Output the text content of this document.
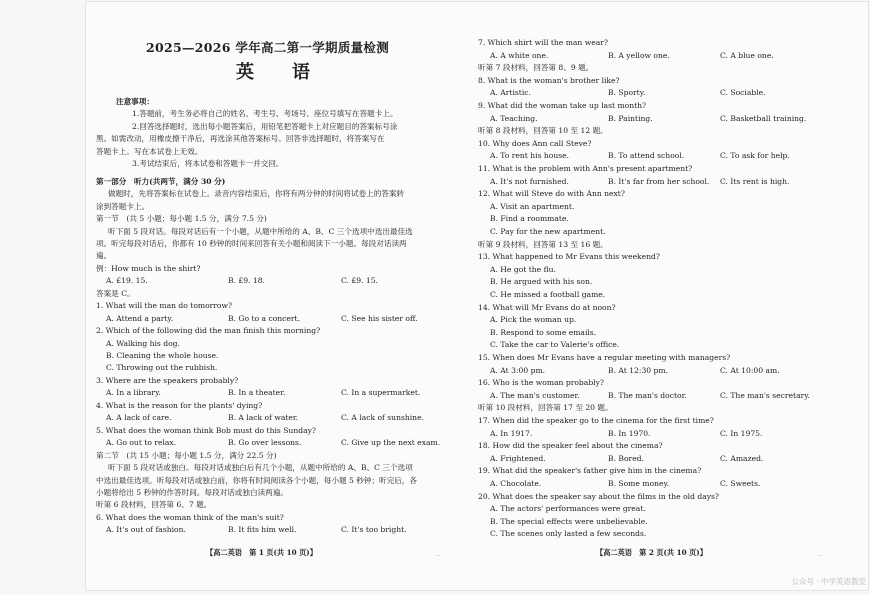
2025—2026 学年高二第一学期质量检测
英　语
注意事项：
1.答题前，考生务必将自己的姓名、考生号、考场号、座位号填写在答题卡上。
2.回答选择题时，选出每小题答案后，用铅笔把答题卡上对应题目的答案标号涂
黑。如需改动，用橡皮擦干净后，再选涂其他答案标号。回答非选择题时，将答案写在
答题卡上。写在本试卷上无效。
3.考试结束后，将本试卷和答题卡一并交回。
第一部分　听力(共两节，满分 30 分)
做题时，先将答案标在试卷上。录音内容结束后，你将有两分钟的时间将试卷上的答案转
涂到答题卡上。
第一节　(共 5 小题；每小题 1.5 分，满分 7.5 分)
听下面 5 段对话。每段对话后有一个小题，从题中所给的 A、B、C 三个选项中选出最佳选
项。听完每段对话后，你都有 10 秒钟的时间来回答有关小题和阅读下一小题。每段对话读两
遍。
例：How much is the shirt?
A. £19. 15.	B. £9. 18.	C. £9. 15.
答案是 C。
1. What will the man do tomorrow?
A. Attend a party.	B. Go to a concert.	C. See his sister off.
2. Which of the following did the man finish this morning?
A. Walking his dog.
B. Cleaning the whole house.
C. Throwing out the rubbish.
3. Where are the speakers probably?
A. In a library.	B. In a theater.	C. In a supermarket.
4. What is the reason for the plants' dying?
A. A lack of care.	B. A lack of water.	C. A lack of sunshine.
5. What does the woman think Bob must do this Sunday?
A. Go out to relax.	B. Go over lessons.	C. Give up the next exam.
第二节　(共 15 小题；每小题 1.5 分，满分 22.5 分)
听下面 5 段对话或独白。每段对话或独白后有几个小题，从题中所给的 A、B、C 三个选项
中选出最佳选项。听每段对话或独白前，你将有时间阅读各个小题，每小题 5 秒钟；听完后，各
小题将给出 5 秒钟的作答时间。每段对话或独白读两遍。
听第 6 段材料，回答第 6、7 题。
6. What does the woman think of the man's suit?
A. It's out of fashion.	B. It fits him well.	C. It's too bright.
【高二英语　第 1 页(共 10 页)】	..
7. Which shirt will the man wear?
A. A white one.	B. A yellow one.	C. A blue one.
听第 7 段材料，回答第 8、9 题。
8. What is the woman's brother like?
A. Artistic.	B. Sporty.	C. Sociable.
9. What did the woman take up last month?
A. Teaching.	B. Painting.	C. Basketball training.
听第 8 段材料，回答第 10 至 12 题。
10. Why does Ann call Steve?
A. To rent his house.	B. To attend school.	C. To ask for help.
11. What is the problem with Ann's present apartment?
A. It's not furnished.	B. It's far from her school. C. Its rent is high.
12. What will Steve do with Ann next?
A. Visit an apartment.
B. Find a roommate.
C. Pay for the new apartment.
听第 9 段材料，回答第 13 至 16 题。
13. What happened to Mr Evans this weekend?
A. He got the flu.
B. He argued with his son.
C. He missed a football game.
14. What will Mr Evans do at noon?
A. Pick the woman up.
B. Respond to some emails.
C. Take the car to Valerie's office.
15. When does Mr Evans have a regular meeting with managers?
A. At 3:00 pm.	B. At 12:30 pm.	C. At 10:00 am.
16. Who is the woman probably?
A. The man's customer.	B. The man's doctor.	C. The man's secretary.
听第 10 段材料，回答第 17 至 20 题。
17. When did the speaker go to the cinema for the first time?
A. In 1917.	B. In 1970.	C. In 1975.
18. How did the speaker feel about the cinema?
A. Frightened.	B. Bored.	C. Amazed.
19. What did the speaker's father give him in the cinema?
A. Chocolate.	B. Some money.	C. Sweets.
20. What does the speaker say about the films in the old days?
A. The actors' performances were great.
B. The special effects were unbelievable.
C. The scenes only lasted a few seconds.
【高二英语　第 2 页(共 10 页)】	..
公众号 · 中学英语教室
